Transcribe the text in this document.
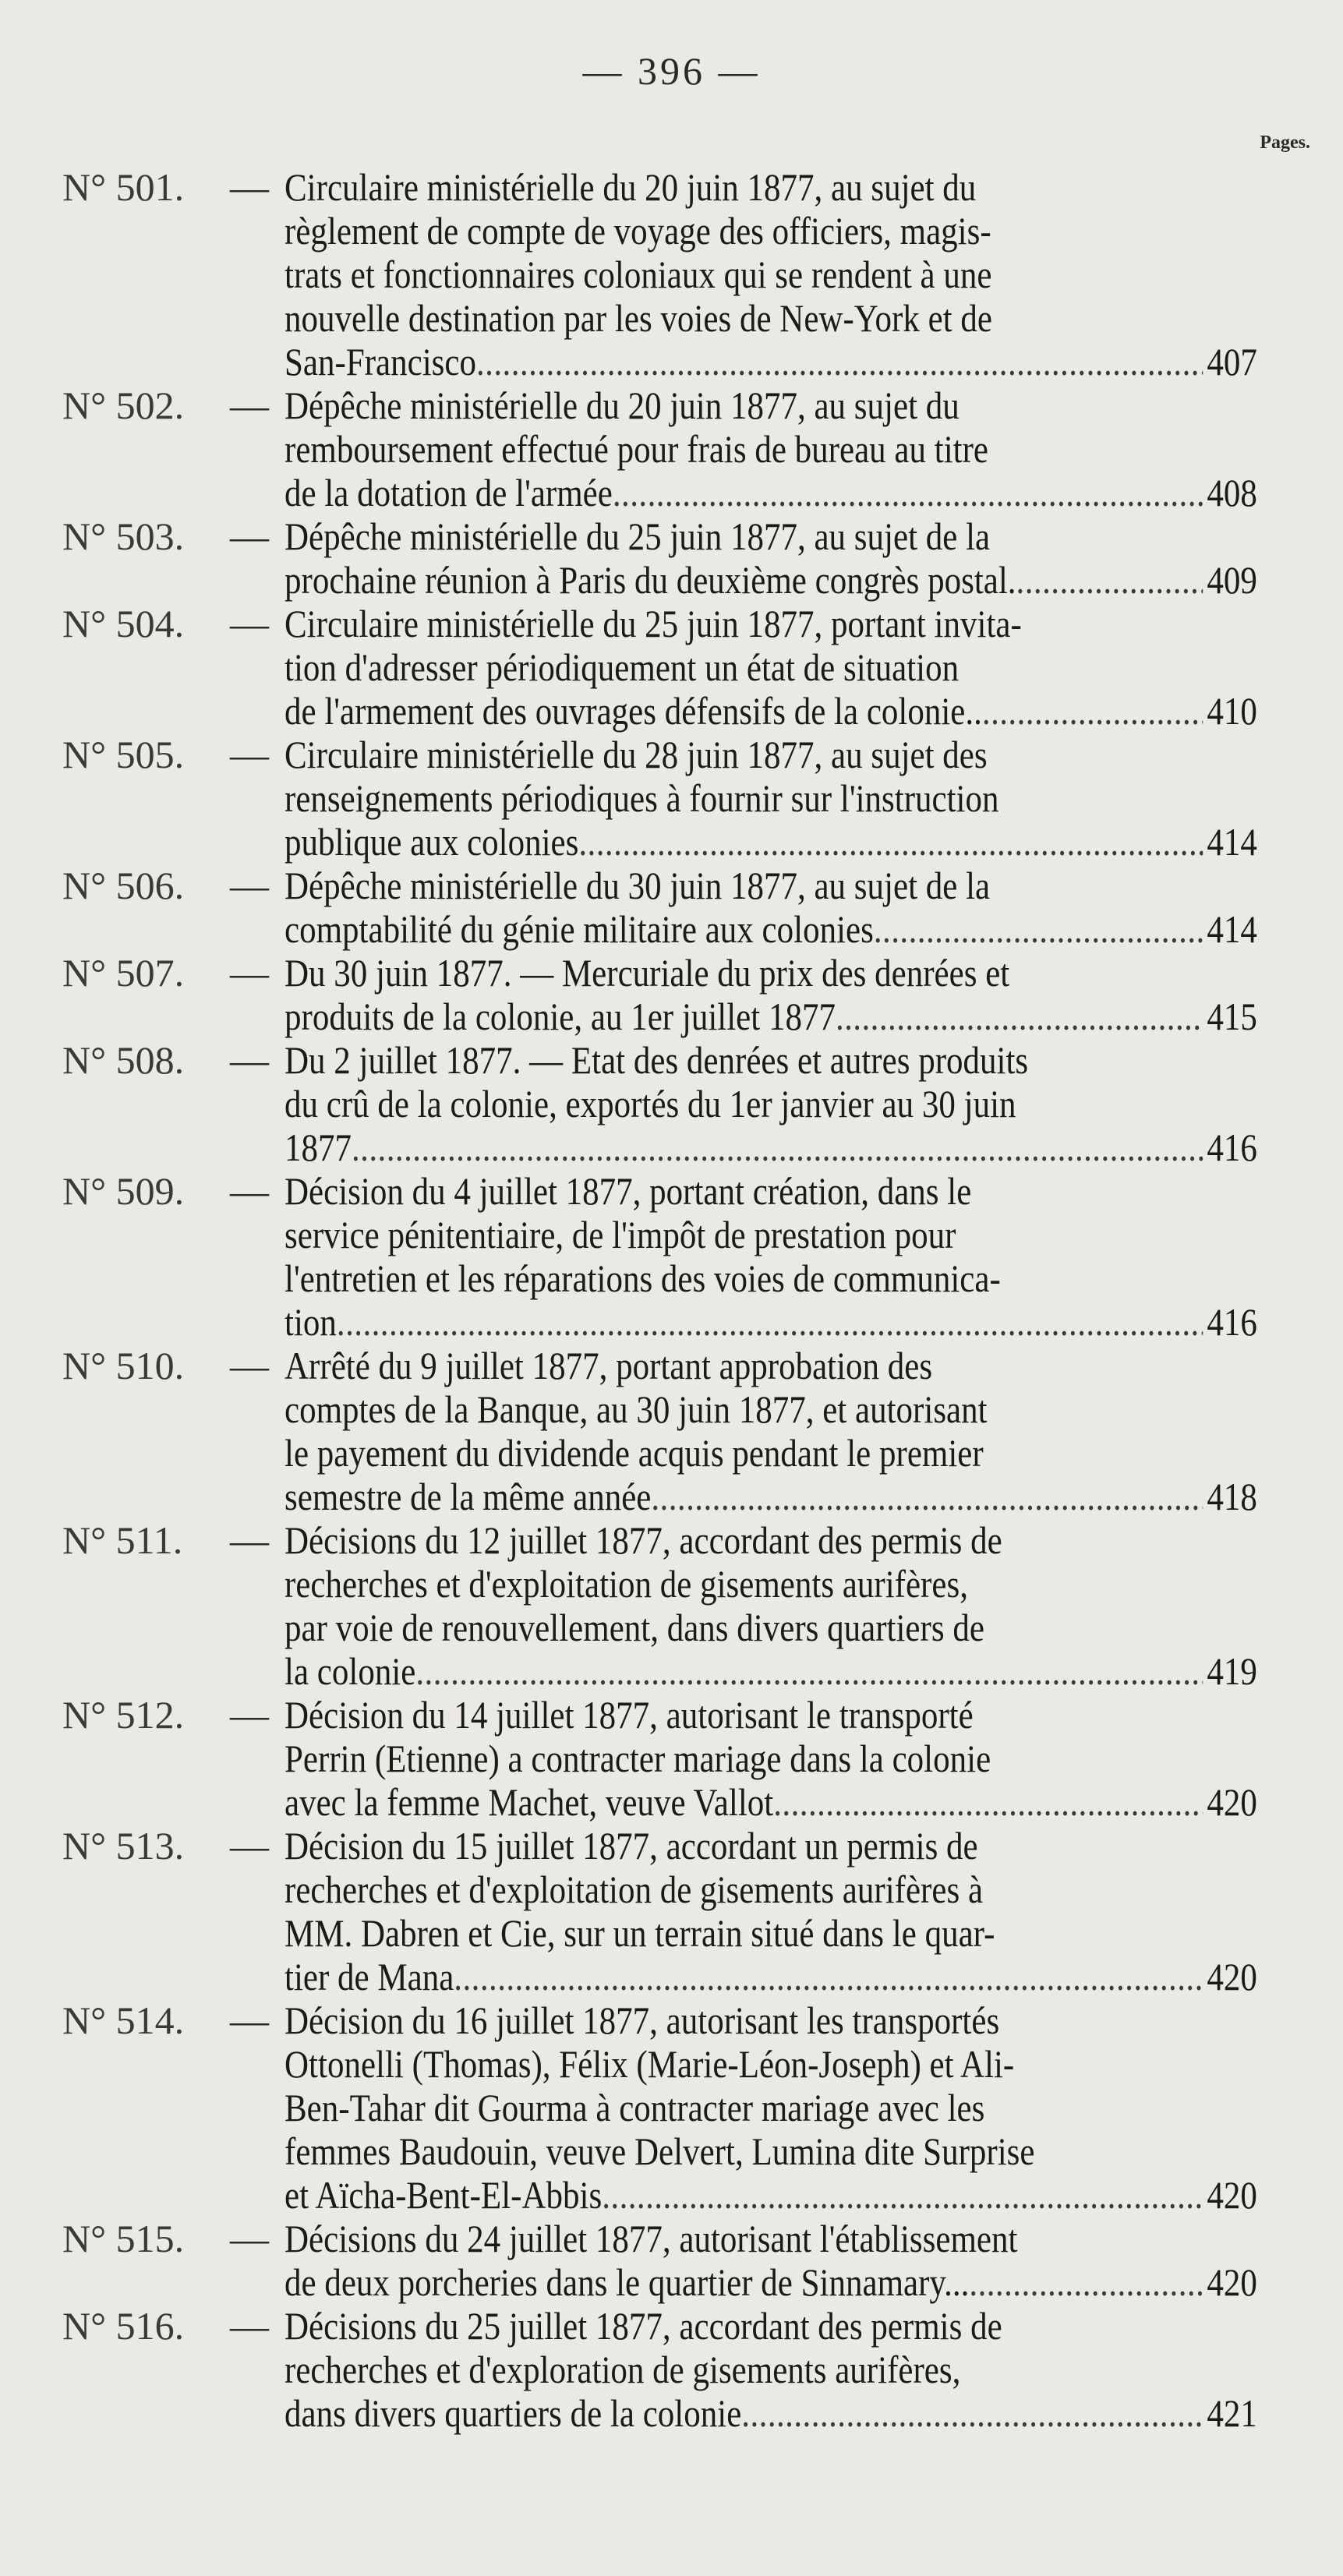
— 396 —
Pages.
N° 501.	— Circulaire ministérielle du 20 juin 1877, au sujet du
règlement de compte de voyage des officiers, magis-
trats et fonctionnaires coloniaux qui se rendent à une
nouvelle destination par les voies de New-York et de
San-Francisco . . .	407
N° 502.	— Dépêche ministérielle du 20 juin 1877, au sujet du
remboursement effectué pour frais de bureau au titre
de la dotation de l'armée . . .	408
N° 503.	— Dépêche ministérielle du 25 juin 1877, au sujet de la
prochaine réunion à Paris du deuxième congrès postal. . . .	409
N° 504.	— Circulaire ministérielle du 25 juin 1877, portant invita-
tion d'adresser périodiquement un état de situation
de l'armement des ouvrages défensifs de la colonie.. . . .	410
N° 505.	— Circulaire ministérielle du 28 juin 1877, au sujet des
renseignements périodiques à fournir sur l'instruction
publique aux colonies . . .	414
N° 506.	— Dépêche ministérielle du 30 juin 1877, au sujet de la
comptabilité du génie militaire aux colonies . . .	414
N° 507.	— Du 30 juin 1877. — Mercuriale du prix des denrées et
produits de la colonie, au 1er juillet 1877 . . .	415
N° 508.	— Du 2 juillet 1877. — Etat des denrées et autres produits
du crû de la colonie, exportés du 1er janvier au 30 juin
1877 . . .	416
N° 509.	— Décision du 4 juillet 1877, portant création, dans le
service pénitentiaire, de l'impôt de prestation pour
l'entretien et les réparations des voies de communica-
tion . . .	416
N° 510.	— Arrêté du 9 juillet 1877, portant approbation des
comptes de la Banque, au 30 juin 1877, et autorisant
le payement du dividende acquis pendant le premier
semestre de la même année . . .	418
N° 511.	— Décisions du 12 juillet 1877, accordant des permis de
recherches et d'exploitation de gisements aurifères,
par voie de renouvellement, dans divers quartiers de
la colonie . . .	419
N° 512.	— Décision du 14 juillet 1877, autorisant le transporté
Perrin (Etienne) a contracter mariage dans la colonie
avec la femme Machet, veuve Vallot . . .	420
N° 513.	— Décision du 15 juillet 1877, accordant un permis de
recherches et d'exploitation de gisements aurifères à
MM. Dabren et Cie, sur un terrain situé dans le quar-
tier de Mana . . .	420
N° 514.	— Décision du 16 juillet 1877, autorisant les transportés
Ottonelli (Thomas), Félix (Marie-Léon-Joseph) et Ali-
Ben-Tahar dit Gourma à contracter mariage avec les
femmes Baudouin, veuve Delvert, Lumina dite Surprise
et Aïcha-Bent-El-Abbis . . .	420
N° 515.	— Décisions du 24 juillet 1877, autorisant l'établissement
de deux porcheries dans le quartier de Sinnamary... . . .	420
N° 516.	— Décisions du 25 juillet 1877, accordant des permis de
recherches et d'exploration de gisements aurifères,
dans divers quartiers de la colonie . . .	421
